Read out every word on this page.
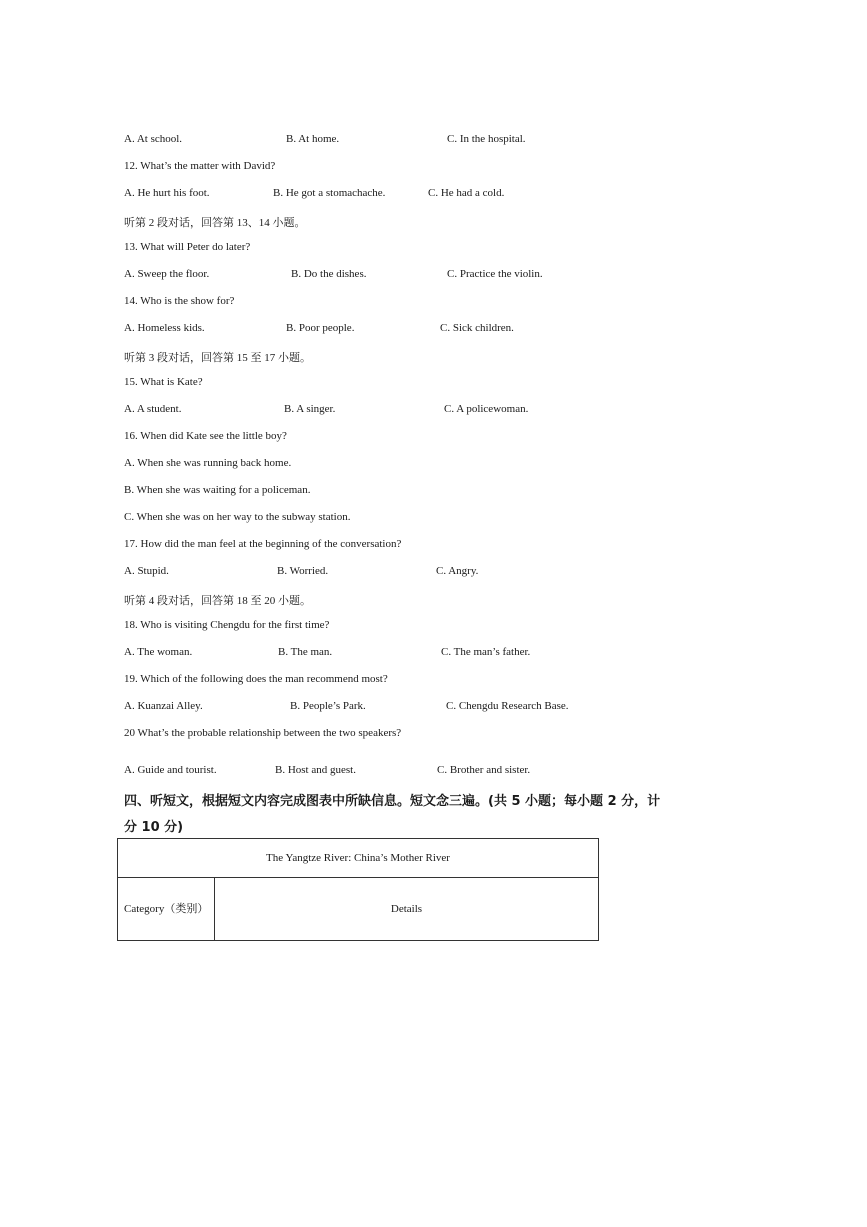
A. At school.	B. At home.	C. In the hospital.
12. What’s the matter with David?
A. He hurt his foot.	B. He got a stomachache.	C. He had a cold.
听第 2 段对话，回答第 13、14 小题。
13. What will Peter do later?
A. Sweep the floor.	B. Do the dishes.	C. Practice the violin.
14. Who is the show for?
A. Homeless kids.	B. Poor people.	C. Sick children.
听第 3 段对话，回答第 15 至 17 小题。
15. What is Kate?
A. A student.	B. A singer.	C. A policewoman.
16. When did Kate see the little boy?
A. When she was running back home.
B. When she was waiting for a policeman.
C. When she was on her way to the subway station.
17. How did the man feel at the beginning of the conversation?
A. Stupid.	B. Worried.	C. Angry.
听第 4 段对话，回答第 18 至 20 小题。
18. Who is visiting Chengdu for the first time?
A. The woman.	B. The man.	C. The man’s father.
19. Which of the following does the man recommend most?
A. Kuanzai Alley.	B. People’s Park.	C. Chengdu Research Base.
20 What’s the probable relationship between the two speakers?
A. Guide and tourist.	B. Host and guest.	C. Brother and sister.
四、听短文，根据短文内容完成图表中所缺信息。短文念三遍。(共 5 小题；每小题 2 分，计
分 10 分)
The Yangtze River: China’s Mother River
Category（类别）	Details
